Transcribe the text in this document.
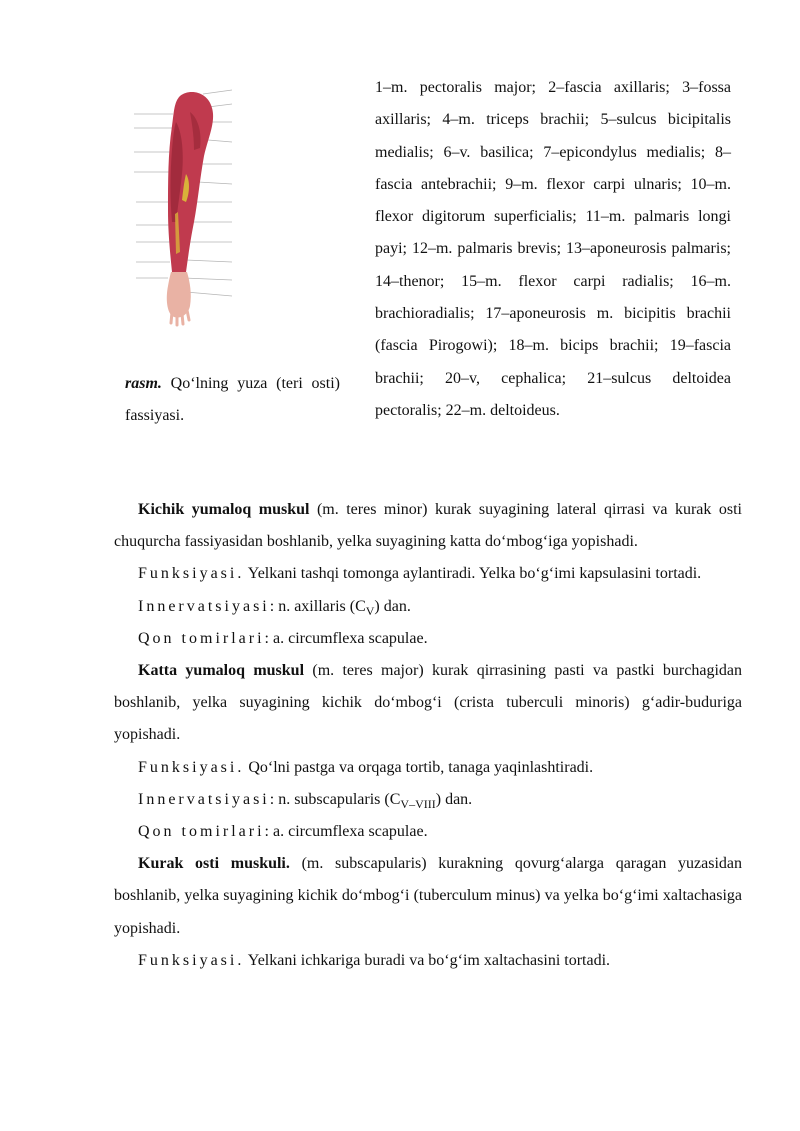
rasm. Qo‘lning yuza (teri osti) fassiyasi.
1–m. pectoralis major; 2–fascia axillaris; 3–fossa axillaris; 4–m. triceps brachii; 5–sulcus bicipitalis medialis; 6–v. basilica; 7–epicondylus medialis; 8– fascia antebrachii; 9–m. flexor carpi ulnaris; 10–m. flexor digitorum superficialis; 11–m. palmaris longi payi; 12–m. palmaris brevis; 13–aponeurosis palmaris; 14–thenor; 15–m. flexor carpi radialis; 16–m. brachioradialis; 17–aponeurosis m. bicipitis brachii (fascia Pirogowi); 18–m. bicips brachii; 19–fascia brachii; 20–v, cephalica; 21–sulcus deltoidea pectoralis; 22–m. deltoideus.

Kichik yumaloq muskul (m. teres minor) kurak suyagining lateral qirrasi va kurak osti chuqurcha fassiyasidan boshlanib, yelka suyagining katta do‘mbog‘iga yopishadi.

Funksiyasi. Yelkani tashqi tomonga aylantiradi. Yelka bo‘g‘imi kapsulasini tortadi.

Innervatsiyasi: n. axillaris $(C_V)$ dan.

Qon tomirlari: a. circumflexa scapulae.

Katta yumaloq muskul (m. teres major) kurak qirrasining pasti va pastki burchagidan boshlanib, yelka suyagining kichik do‘mbog‘i (crista tuberculi minoris) g‘adir-buduriga yopishadi.

Funksiyasi. Qo‘lni pastga va orqaga tortib, tanaga yaqinlashtiradi.

Innervatsiyasi: n. subscapularis $(C_{V-VIII})$ dan.

Qon tomirlari: a. circumflexa scapulae.

Kurak osti muskuli. (m. subscapularis) kurakning qovurg‘alarga qaragan yuzasidan boshlanib, yelka suyagining kichik do‘mbog‘i (tuberculum minus) va yelka bo‘g‘imi xaltachasiga yopishadi.

Funksiyasi. Yelkani ichkariga buradi va bo‘g‘im xaltachasini tortadi.
